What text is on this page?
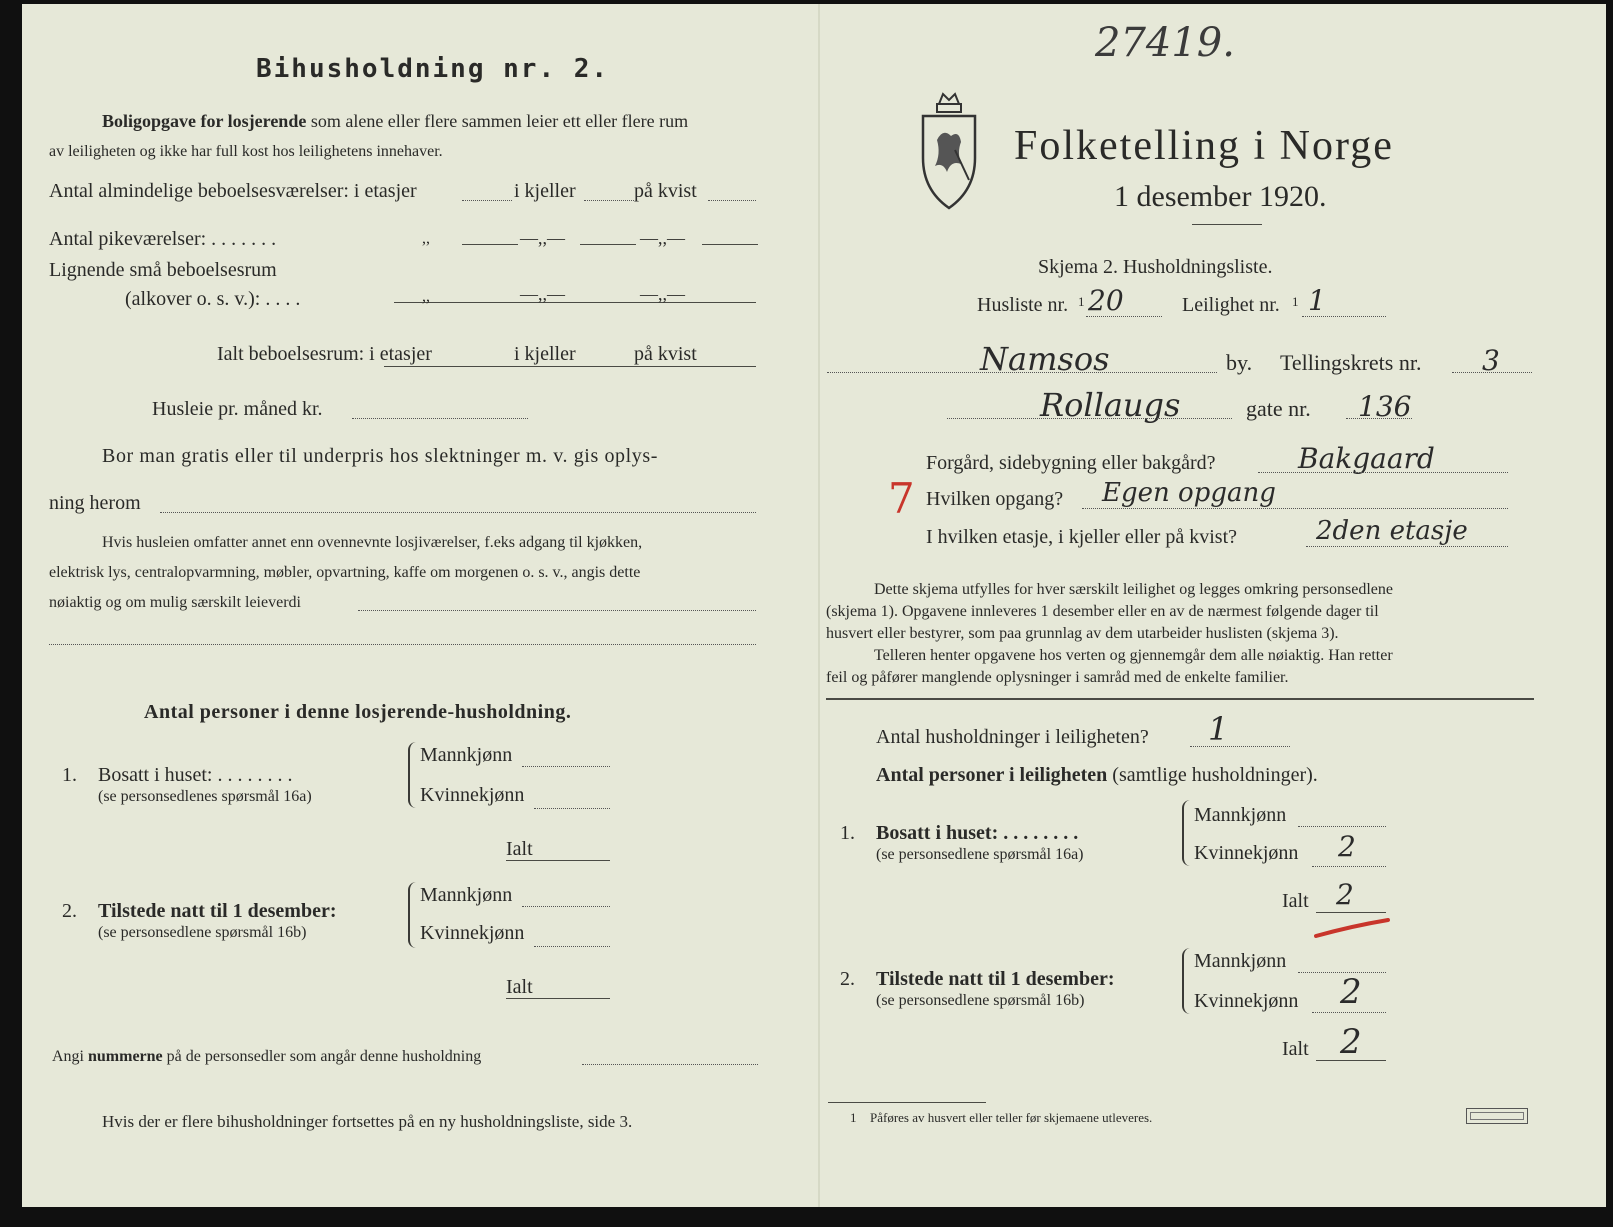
Bihusholdning nr. 2.
Boligopgave for losjerende som alene eller flere sammen leier ett eller flere rum
av leiligheten og ikke har full kost hos leilighetens innehaver.
Antal almindelige beboelsesværelser: i etasjer	i kjeller	på kvist
Antal pikeværelser: . . . . . . .	,,	—,,—	—,,—
Lignende små beboelsesrum
(alkover o. s. v.): . . . .	,,	—,,—	—,,—
Ialt beboelsesrum: i etasjer	i kjeller	på kvist
Husleie pr. måned kr.
Bor man gratis eller til underpris hos slektninger m. v. gis oplys-
ning herom
Hvis husleien omfatter annet enn ovennevnte losjiværelser, f.eks adgang til kjøkken,
elektrisk lys, centralopvarmning, møbler, opvartning, kaffe om morgenen o. s. v., angis dette
nøiaktig og om mulig særskilt leieverdi
Antal personer i denne losjerende-husholdning.
1. Bosatt i huset: . . . . . . . .
(se personsedlenes spørsmål 16a)
Mannkjønn
Kvinnekjønn
Ialt
2. Tilstede natt til 1 desember:
(se personsedlene spørsmål 16b)
Mannkjønn
Kvinnekjønn
Ialt
Angi nummerne på de personsedler som angår denne husholdning
Hvis der er flere bihusholdninger fortsettes på en ny husholdningsliste, side 3.
27419.
Folketelling i Norge
1 desember 1920.
Skjema 2. Husholdningsliste.
Husliste nr. 1 20	Leilighet nr. 1 1
Namsos	by. Tellingskrets nr. 3
Rollaugs	gate nr. 136
Forgård, sidebygning eller bakgård?	Bakgaard
7 Hvilken opgang? Egen opgang
I hvilken etasje, i kjeller eller på kvist?	2den etasje
Dette skjema utfylles for hver særskilt leilighet og legges omkring personsedlene
(skjema 1). Opgavene innleveres 1 desember eller en av de nærmest følgende dager til
husvert eller bestyrer, som paa grunnlag av dem utarbeider huslisten (skjema 3).
Telleren henter opgavene hos verten og gjennemgår dem alle nøiaktig. Han retter
feil og påfører manglende oplysninger i samråd med de enkelte familier.
Antal husholdninger i leiligheten? 1
Antal personer i leiligheten (samtlige husholdninger).
1. Bosatt i huset: . . . . . . . .
(se personsedlene spørsmål 16a)
Mannkjønn
Kvinnekjønn 2
Ialt 2
2. Tilstede natt til 1 desember:
(se personsedlene spørsmål 16b)
Mannkjønn
Kvinnekjønn 2
Ialt 2
1 Påføres av husvert eller teller før skjemaene utleveres.
